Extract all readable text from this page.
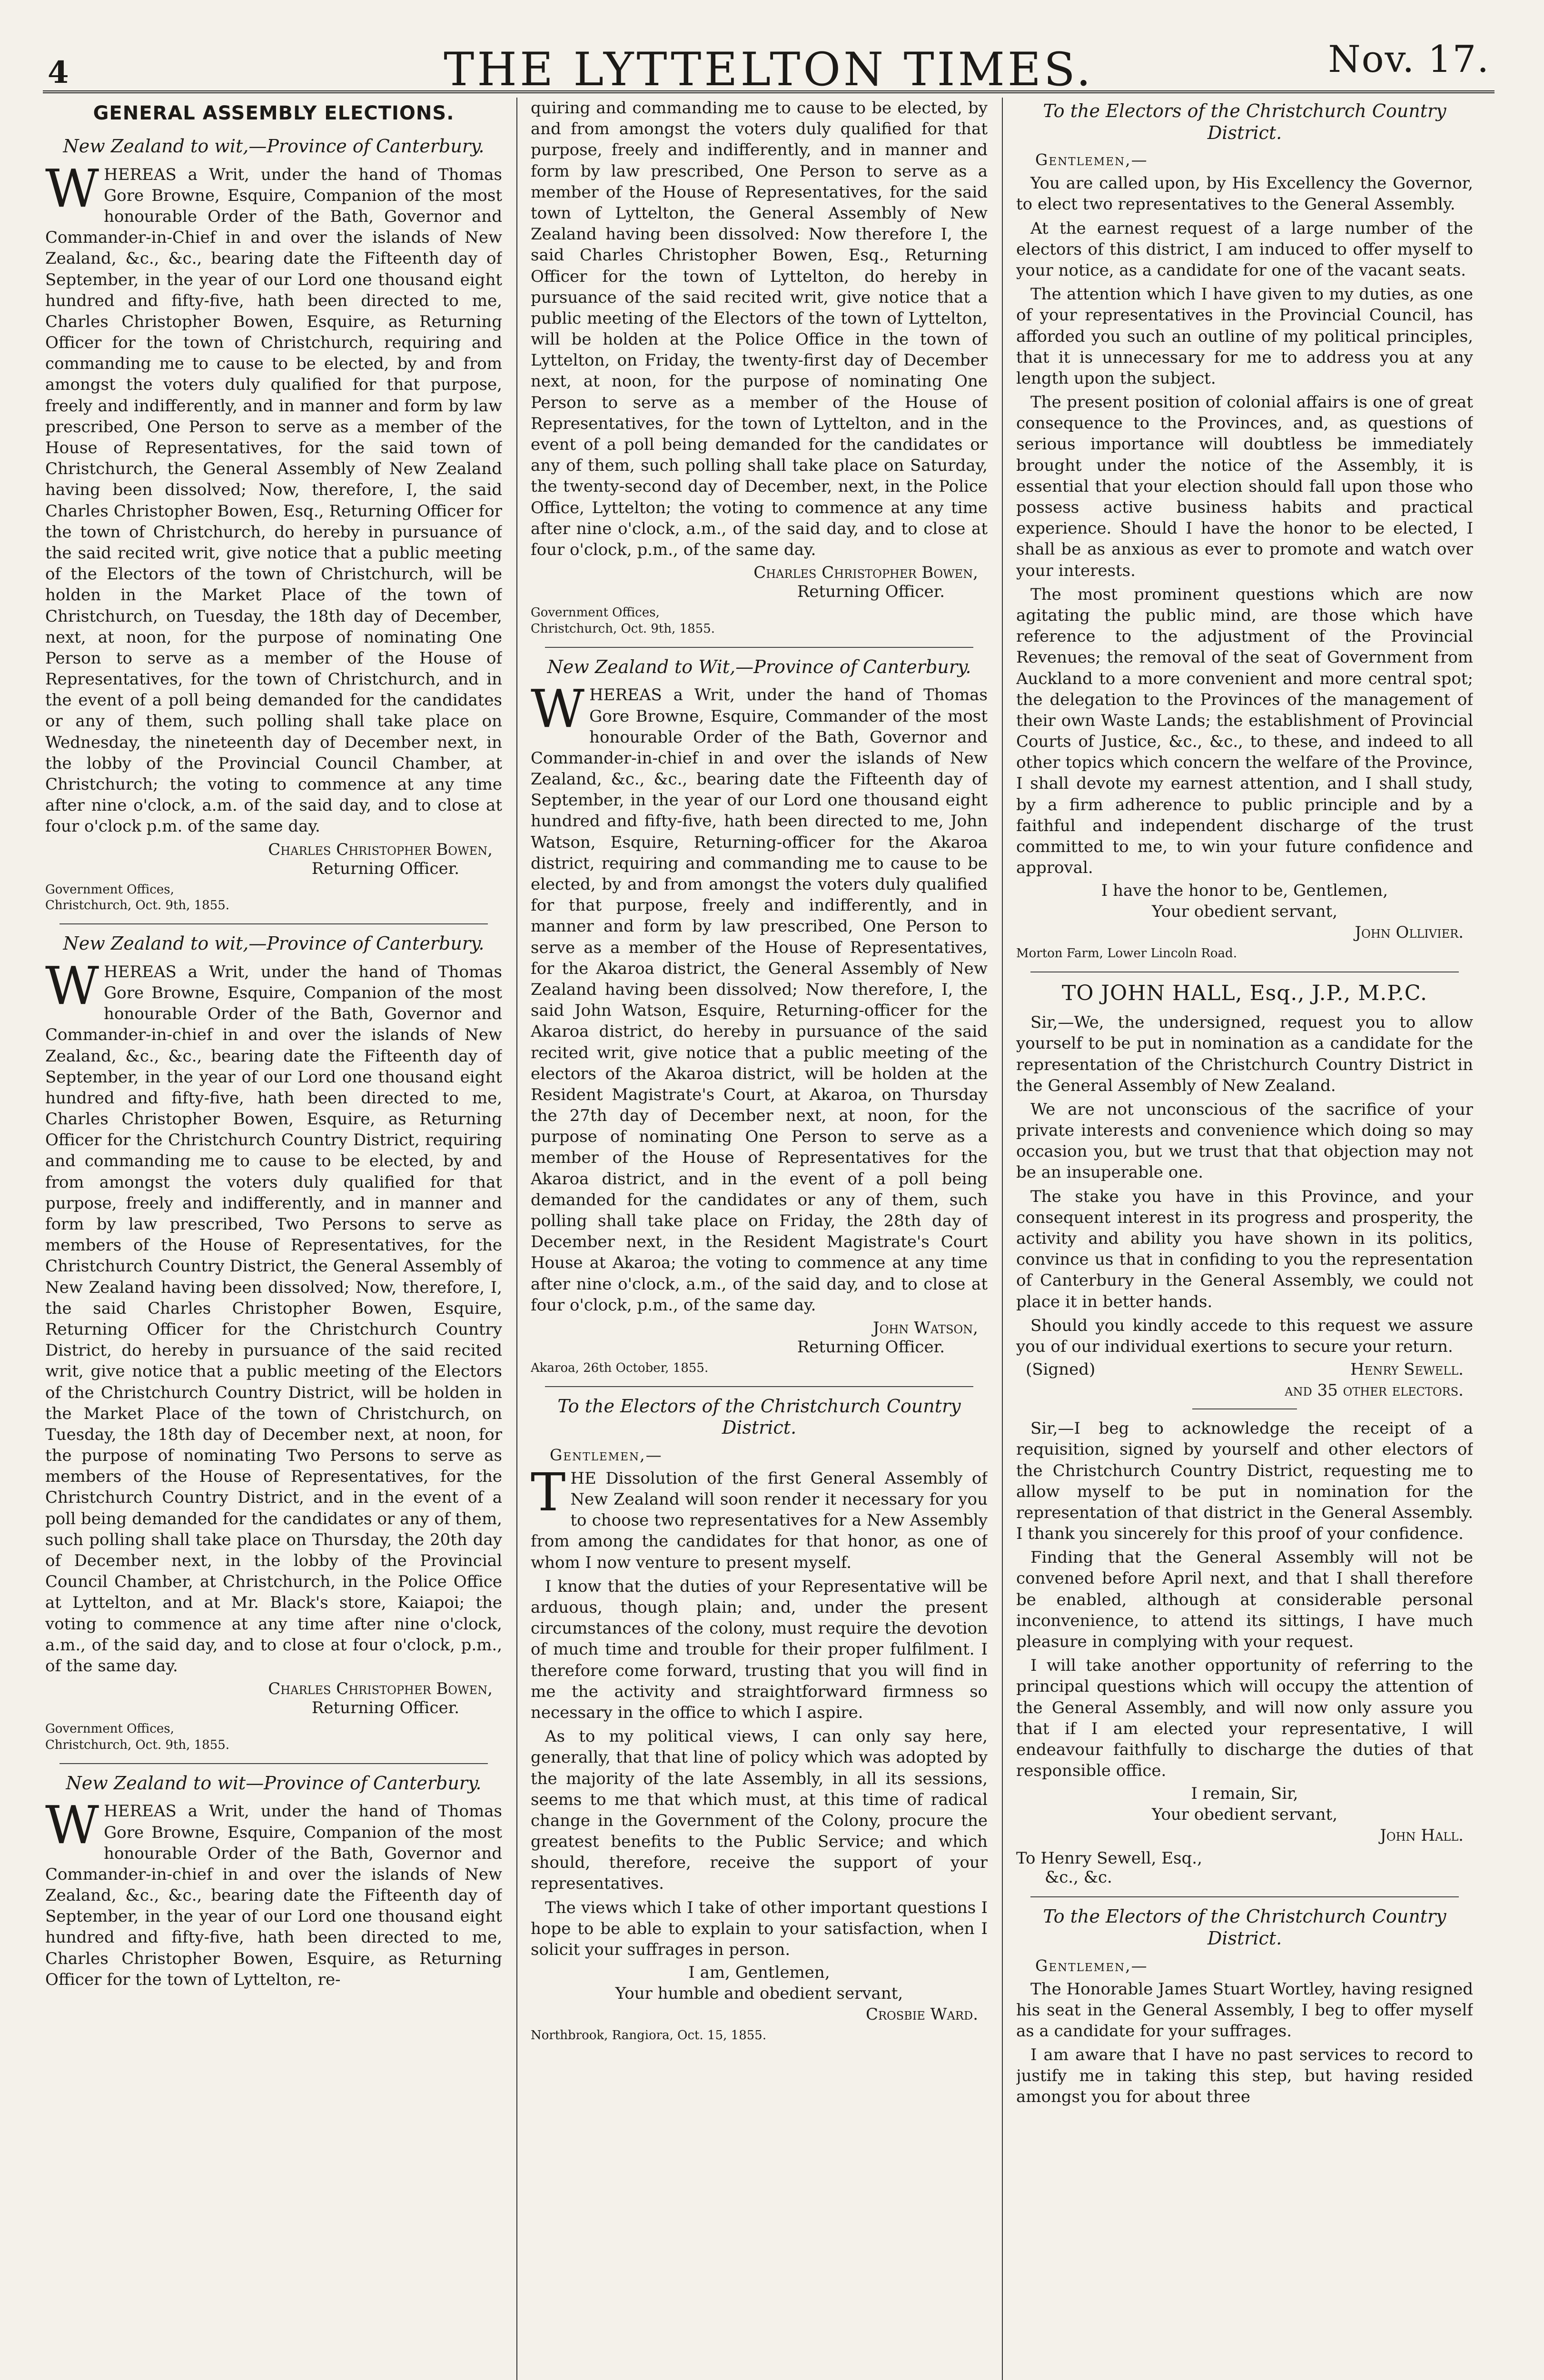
4	THE LYTTELTON TIMES.	Nov. 17.
GENERAL ASSEMBLY ELECTIONS.
New Zealand to wit,—Province of Canterbury.

WHEREAS a Writ, under the hand of Thomas Gore Browne, Esquire, Companion of the most honourable Order of the Bath, Governor and Commander-in-Chief in and over the islands of New Zealand, &c., &c., bearing date the Fifteenth day of September, in the year of our Lord one thousand eight hundred and fifty-five, hath been directed to me, Charles Christopher Bowen, Esquire, as Returning Officer for the town of Christchurch, requiring and commanding me to cause to be elected, by and from amongst the voters duly qualified for that purpose, freely and indifferently, and in manner and form by law prescribed, One Person to serve as a member of the House of Representatives, for the said town of Christchurch, the General Assembly of New Zealand having been dissolved; Now, therefore, I, the said Charles Christopher Bowen, Esq., Returning Officer for the town of Christchurch, do hereby in pursuance of the said recited writ, give notice that a public meeting of the Electors of the town of Christchurch, will be holden in the Market Place of the town of Christchurch, on Tuesday, the 18th day of December, next, at noon, for the purpose of nominating One Person to serve as a member of the House of Representatives, for the town of Christchurch, and in the event of a poll being demanded for the candidates or any of them, such polling shall take place on Wednesday, the nineteenth day of December next, in the lobby of the Provincial Council Chamber, at Christchurch; the voting to commence at any time after nine o'clock, a.m. of the said day, and to close at four o'clock p.m. of the same day.

Charles Christopher Bowen,
Returning Officer.
Government Offices,
Christchurch, Oct. 9th, 1855.
New Zealand to wit,—Province of Canterbury.

WHEREAS a Writ, under the hand of Thomas Gore Browne, Esquire, Companion of the most honourable Order of the Bath, Governor and Commander-in-chief in and over the islands of New Zealand, &c., &c., bearing date the Fifteenth day of September, in the year of our Lord one thousand eight hundred and fifty-five, hath been directed to me, Charles Christopher Bowen, Esquire, as Returning Officer for the Christchurch Country District, requiring and commanding me to cause to be elected, by and from amongst the voters duly qualified for that purpose, freely and indifferently, and in manner and form by law prescribed, Two Persons to serve as members of the House of Representatives, for the Christchurch Country District, the General Assembly of New Zealand having been dissolved; Now, therefore, I, the said Charles Christopher Bowen, Esquire, Returning Officer for the Christchurch Country District, do hereby in pursuance of the said recited writ, give notice that a public meeting of the Electors of the Christchurch Country District, will be holden in the Market Place of the town of Christchurch, on Tuesday, the 18th day of December next, at noon, for the purpose of nominating Two Persons to serve as members of the House of Representatives, for the Christchurch Country District, and in the event of a poll being demanded for the candidates or any of them, such polling shall take place on Thursday, the 20th day of December next, in the lobby of the Provincial Council Chamber, at Christchurch, in the Police Office at Lyttelton, and at Mr. Black's store, Kaiapoi; the voting to commence at any time after nine o'clock, a.m., of the said day, and to close at four o'clock, p.m., of the same day.

Charles Christopher Bowen,
Returning Officer.
Government Offices,
Christchurch, Oct. 9th, 1855.
New Zealand to wit—Province of Canterbury.

WHEREAS a Writ, under the hand of Thomas Gore Browne, Esquire, Companion of the most honourable Order of the Bath, Governor and Commander-in-chief in and over the islands of New Zealand, &c., &c., bearing date the Fifteenth day of September, in the year of our Lord one thousand eight hundred and fifty-five, hath been directed to me, Charles Christopher Bowen, Esquire, as Returning Officer for the town of Lyttelton, re-

quiring and commanding me to cause to be elected, by and from amongst the voters duly qualified for that purpose, freely and indifferently, and in manner and form by law prescribed, One Person to serve as a member of the House of Representatives, for the said town of Lyttelton, the General Assembly of New Zealand having been dissolved: Now therefore I, the said Charles Christopher Bowen, Esq., Returning Officer for the town of Lyttelton, do hereby in pursuance of the said recited writ, give notice that a public meeting of the Electors of the town of Lyttelton, will be holden at the Police Office in the town of Lyttelton, on Friday, the twenty-first day of December next, at noon, for the purpose of nominating One Person to serve as a member of the House of Representatives, for the town of Lyttelton, and in the event of a poll being demanded for the candidates or any of them, such polling shall take place on Saturday, the twenty-second day of December, next, in the Police Office, Lyttelton; the voting to commence at any time after nine o'clock, a.m., of the said day, and to close at four o'clock, p.m., of the same day.

Charles Christopher Bowen,
Returning Officer.
Government Offices,
Christchurch, Oct. 9th, 1855.
New Zealand to Wit,—Province of Canterbury.

WHEREAS a Writ, under the hand of Thomas Gore Browne, Esquire, Commander of the most honourable Order of the Bath, Governor and Commander-in-chief in and over the islands of New Zealand, &c., &c., bearing date the Fifteenth day of September, in the year of our Lord one thousand eight hundred and fifty-five, hath been directed to me, John Watson, Esquire, Returning-officer for the Akaroa district, requiring and commanding me to cause to be elected, by and from amongst the voters duly qualified for that purpose, freely and indifferently, and in manner and form by law prescribed, One Person to serve as a member of the House of Representatives, for the Akaroa district, the General Assembly of New Zealand having been dissolved; Now therefore, I, the said John Watson, Esquire, Returning-officer for the Akaroa district, do hereby in pursuance of the said recited writ, give notice that a public meeting of the electors of the Akaroa district, will be holden at the Resident Magistrate's Court, at Akaroa, on Thursday the 27th day of December next, at noon, for the purpose of nominating One Person to serve as a member of the House of Representatives for the Akaroa district, and in the event of a poll being demanded for the candidates or any of them, such polling shall take place on Friday, the 28th day of December next, in the Resident Magistrate's Court House at Akaroa; the voting to commence at any time after nine o'clock, a.m., of the said day, and to close at four o'clock, p.m., of the same day.

John Watson,
Returning Officer.
Akaroa, 26th October, 1855.
To the Electors of the Christchurch Country District.
Gentlemen,—

THE Dissolution of the first General Assembly of New Zealand will soon render it necessary for you to choose two representatives for a New Assembly from among the candidates for that honor, as one of whom I now venture to present myself.

I know that the duties of your Representative will be arduous, though plain; and, under the present circumstances of the colony, must require the devotion of much time and trouble for their proper fulfilment. I therefore come forward, trusting that you will find in me the activity and straightforward firmness so necessary in the office to which I aspire.

As to my political views, I can only say here, generally, that that line of policy which was adopted by the majority of the late Assembly, in all its sessions, seems to me that which must, at this time of radical change in the Government of the Colony, procure the greatest benefits to the Public Service; and which should, therefore, receive the support of your representatives.

The views which I take of other important questions I hope to be able to explain to your satisfaction, when I solicit your suffrages in person.

I am, Gentlemen,
Your humble and obedient servant,
Crosbie Ward.
Northbrook, Rangiora, Oct. 15, 1855.
To the Electors of the Christchurch Country District.
Gentlemen,—

You are called upon, by His Excellency the Governor, to elect two representatives to the General Assembly.

At the earnest request of a large number of the electors of this district, I am induced to offer myself to your notice, as a candidate for one of the vacant seats.

The attention which I have given to my duties, as one of your representatives in the Provincial Council, has afforded you such an outline of my political principles, that it is unnecessary for me to address you at any length upon the subject.

The present position of colonial affairs is one of great consequence to the Provinces, and, as questions of serious importance will doubtless be immediately brought under the notice of the Assembly, it is essential that your election should fall upon those who possess active business habits and practical experience. Should I have the honor to be elected, I shall be as anxious as ever to promote and watch over your interests.

The most prominent questions which are now agitating the public mind, are those which have reference to the adjustment of the Provincial Revenues; the removal of the seat of Government from Auckland to a more convenient and more central spot; the delegation to the Provinces of the management of their own Waste Lands; the establishment of Provincial Courts of Justice, &c., &c., to these, and indeed to all other topics which concern the welfare of the Province, I shall devote my earnest attention, and I shall study, by a firm adherence to public principle and by a faithful and independent discharge of the trust committed to me, to win your future confidence and approval.

I have the honor to be, Gentlemen,
Your obedient servant,
John Ollivier.
Morton Farm, Lower Lincoln Road.
TO JOHN HALL, Esq., J.P., M.P.C.

Sir,—We, the undersigned, request you to allow yourself to be put in nomination as a candidate for the representation of the Christchurch Country District in the General Assembly of New Zealand.

We are not unconscious of the sacrifice of your private interests and convenience which doing so may occasion you, but we trust that that objection may not be an insuperable one.

The stake you have in this Province, and your consequent interest in its progress and prosperity, the activity and ability you have shown in its politics, convince us that in confiding to you the representation of Canterbury in the General Assembly, we could not place it in better hands.

Should you kindly accede to this request we assure you of our individual exertions to secure your return.

(Signed)	Henry Sewell.
and 35 other electors.

Sir,—I beg to acknowledge the receipt of a requisition, signed by yourself and other electors of the Christchurch Country District, requesting me to allow myself to be put in nomination for the representation of that district in the General Assembly. I thank you sincerely for this proof of your confidence.

Finding that the General Assembly will not be convened before April next, and that I shall therefore be enabled, although at considerable personal inconvenience, to attend its sittings, I have much pleasure in complying with your request.

I will take another opportunity of referring to the principal questions which will occupy the attention of the General Assembly, and will now only assure you that if I am elected your representative, I will endeavour faithfully to discharge the duties of that responsible office.

I remain, Sir,
Your obedient servant,
John Hall.
To Henry Sewell, Esq.,
&c., &c.
To the Electors of the Christchurch Country District.
Gentlemen,—

The Honorable James Stuart Wortley, having resigned his seat in the General Assembly, I beg to offer myself as a candidate for your suffrages.

I am aware that I have no past services to record to justify me in taking this step, but having resided amongst you for about three
